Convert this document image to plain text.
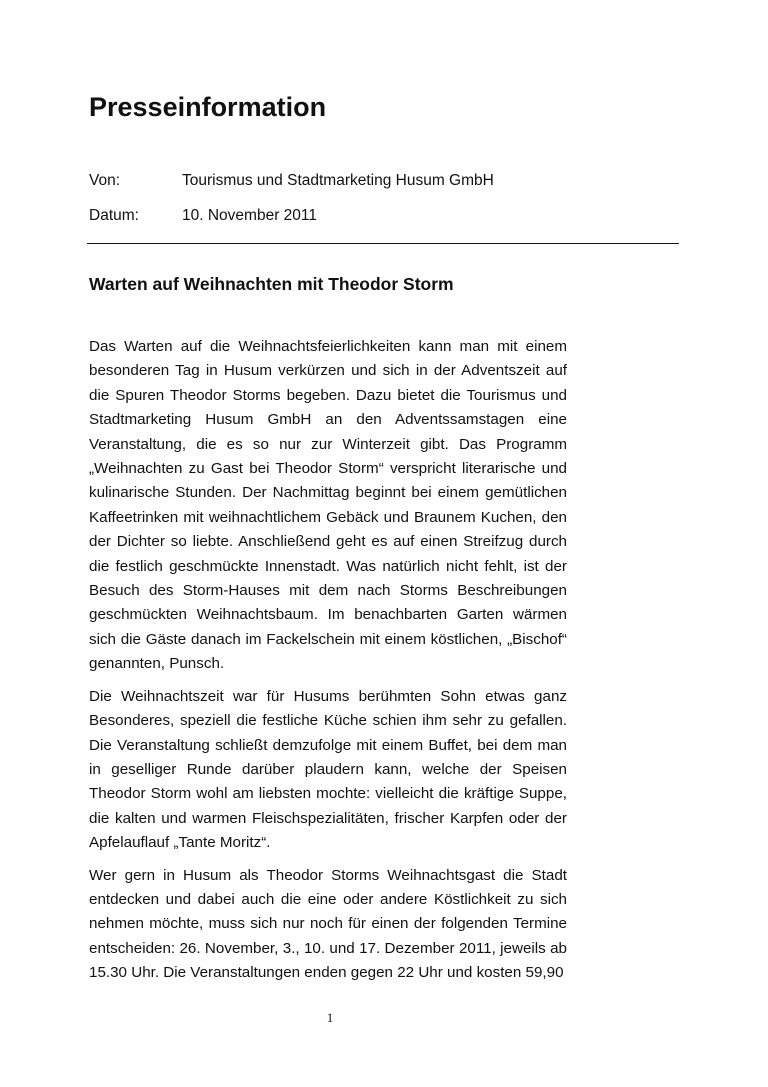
Presseinformation
Von:	Tourismus und Stadtmarketing Husum GmbH
Datum:	10. November 2011
Warten auf Weihnachten mit Theodor Storm

Das Warten auf die Weihnachtsfeierlichkeiten kann man mit einem besonderen Tag in Husum verkürzen und sich in der Adventszeit auf die Spuren Theodor Storms begeben. Dazu bietet die Tourismus und Stadtmarketing Husum GmbH an den Adventssamstagen eine Veranstaltung, die es so nur zur Winterzeit gibt. Das Programm „Weihnachten zu Gast bei Theodor Storm“ verspricht literarische und kulinarische Stunden. Der Nachmittag beginnt bei einem gemütlichen Kaffeetrinken mit weihnachtlichem Gebäck und Braunem Kuchen, den der Dichter so liebte. Anschließend geht es auf einen Streifzug durch die festlich geschmückte Innenstadt. Was natürlich nicht fehlt, ist der Besuch des Storm-Hauses mit dem nach Storms Beschreibungen geschmückten Weihnachtsbaum. Im benachbarten Garten wärmen sich die Gäste danach im Fackelschein mit einem köstlichen, „Bischof“ genannten, Punsch.

Die Weihnachtszeit war für Husums berühmten Sohn etwas ganz Besonderes, speziell die festliche Küche schien ihm sehr zu gefallen. Die Veranstaltung schließt demzufolge mit einem Buffet, bei dem man in geselliger Runde darüber plaudern kann, welche der Speisen Theodor Storm wohl am liebsten mochte: vielleicht die kräftige Suppe, die kalten und warmen Fleischspezialitäten, frischer Karpfen oder der Apfelauflauf „Tante Moritz“.

Wer gern in Husum als Theodor Storms Weihnachtsgast die Stadt entdecken und dabei auch die eine oder andere Köstlichkeit zu sich nehmen möchte, muss sich nur noch für einen der folgenden Termine entscheiden: 26. November, 3., 10. und 17. Dezember 2011, jeweils ab 15.30 Uhr. Die Veranstaltungen enden gegen 22 Uhr und kosten 59,90

1
